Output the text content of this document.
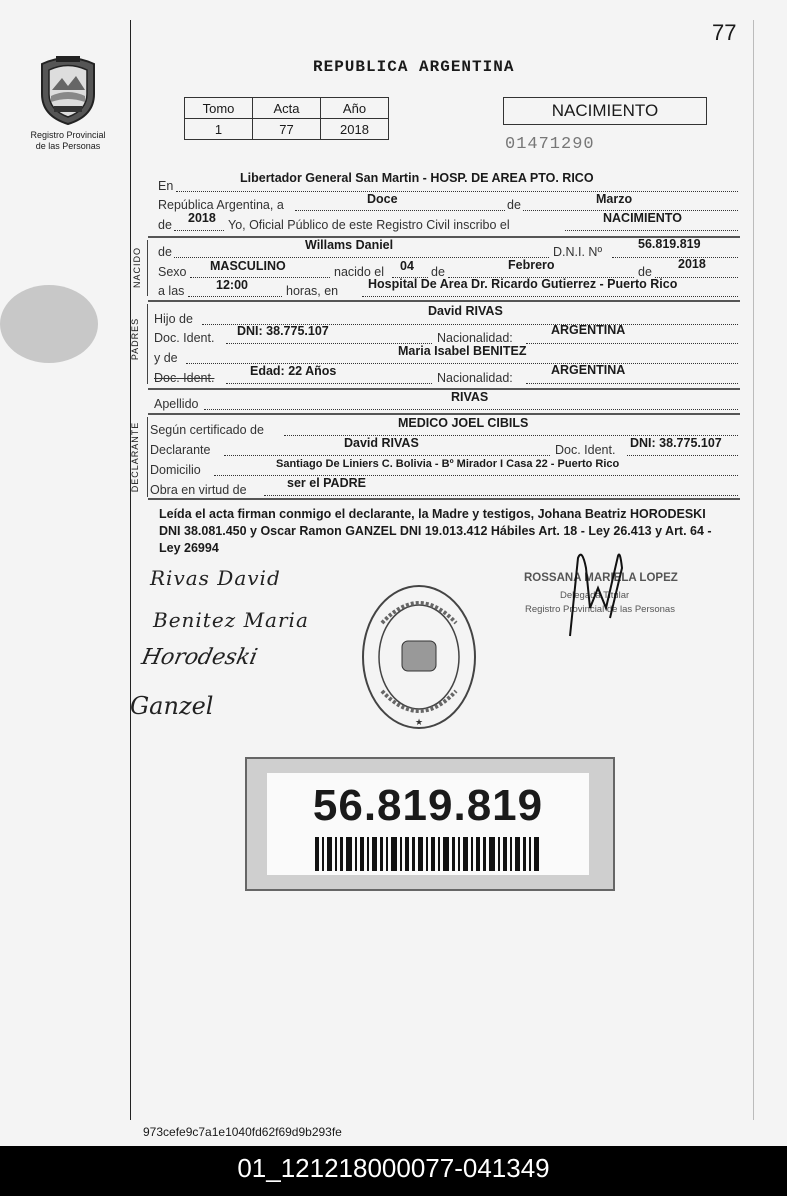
77
Registro Provincial
de las Personas
REPUBLICA ARGENTINA
Tomo	Acta	Año
1	77	2018
NACIMIENTO
01471290
En
Libertador General San Martin - HOSP. DE AREA PTO. RICO
República Argentina, a	Doce	de	Marzo
de 2018 Yo, Oficial Público de este Registro Civil inscribo el	NACIMIENTO
NACIDO de	Willams Daniel	D.N.I. Nº
56.819.819
Sexo MASCULINO	nacido el 04 de	Febrero	de
2018
a las	12:00	horas, en Hospital De Area Dr. Ricardo Gutierrez - Puerto Rico
PADRES Hijo de
David RIVAS
Doc. Ident. DNI: 38.775.107	Nacionalidad:
ARGENTINA
y de	Maria Isabel BENITEZ
Doc. Ident.	Edad: 22 Años	Nacionalidad:
ARGENTINA
Apellido	RIVAS
DECLARANTE Según certificado de	MEDICO JOEL CIBILS
Declarante	David RIVAS	Doc. Ident. DNI: 38.775.107
Domicilio	Santiago De Liniers C. Bolivia - Bº Mirador I Casa 22 - Puerto Rico
Obra en virtud de	ser el PADRE
Leída el acta firman conmigo el declarante, la Madre y testigos, Johana Beatriz HORODESKI DNI 38.081.450 y Oscar Ramon GANZEL DNI 19.013.412 Hábiles Art. 18 - Ley 26.413 y Art. 64 - Ley 26994
Rivas David
Benitez Maria
Horodeski
Ganzel
ROSSANA MARIELA LOPEZ
Delegada Titular
Registro Provincial de las Personas
★
56.819.819
973cefe9c7a1e1040fd62f69d9b293fe
01_121218000077-041349
